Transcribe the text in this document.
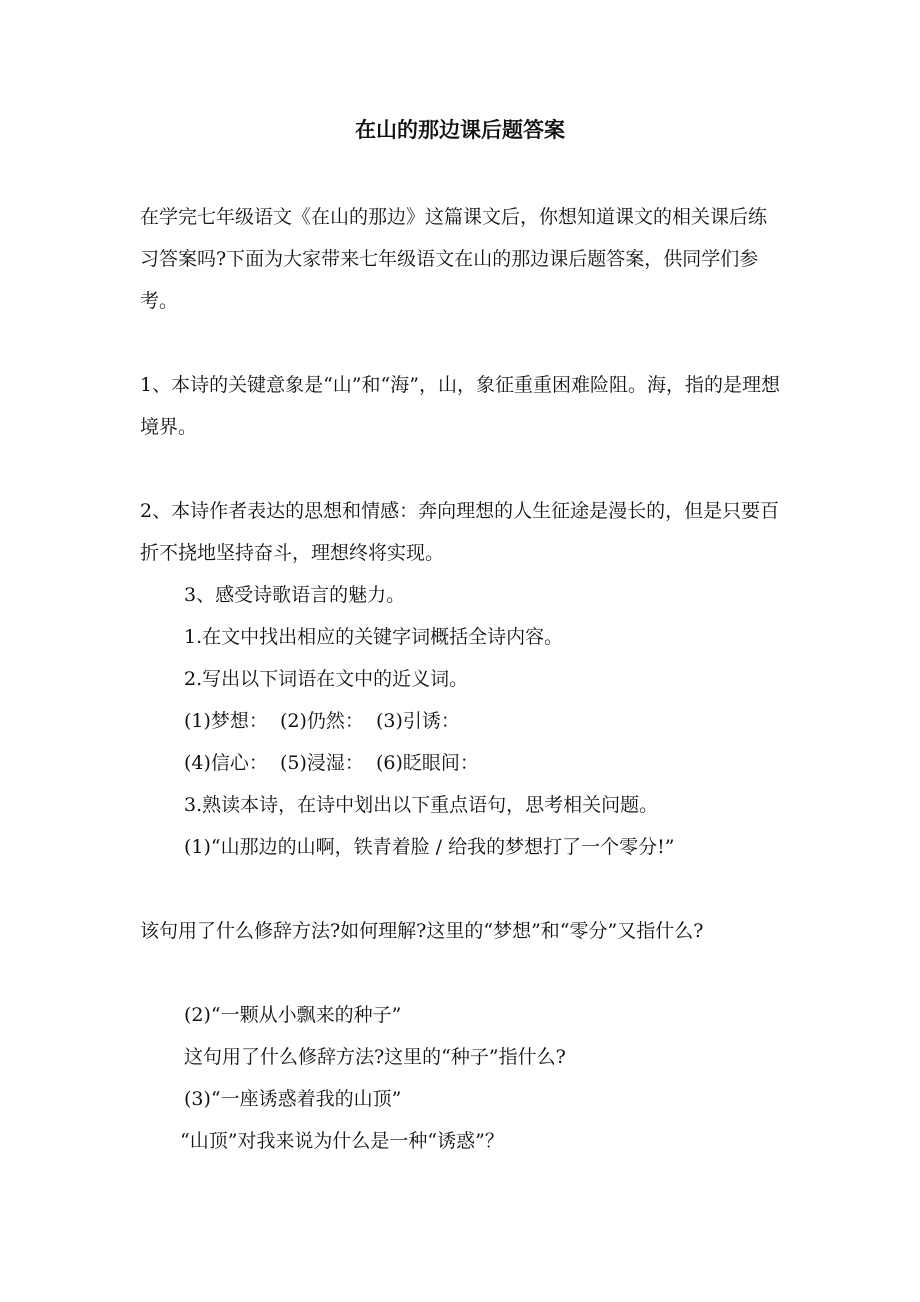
在山的那边课后题答案

在学完七年级语文《在山的那边》这篇课文后，你想知道课文的相关课后练习答案吗?下面为大家带来七年级语文在山的那边课后题答案，供同学们参考。

1、本诗的关键意象是“山”和“海”，山，象征重重困难险阻。海，指的是理想境界。

2、本诗作者表达的思想和情感：奔向理想的人生征途是漫长的，但是只要百折不挠地坚持奋斗，理想终将实现。

3、感受诗歌语言的魅力。

1.在文中找出相应的关键字词概括全诗内容。

2.写出以下词语在文中的近义词。

(1)梦想：  (2)仍然：  (3)引诱：

(4)信心：  (5)浸湿：  (6)眨眼间：

3.熟读本诗，在诗中划出以下重点语句，思考相关问题。

(1)“山那边的山啊，铁青着脸 / 给我的梦想打了一个零分!”

该句用了什么修辞方法?如何理解?这里的“梦想”和“零分”又指什么?

(2)“一颗从小飘来的种子”

这句用了什么修辞方法?这里的“种子”指什么?

(3)“一座诱惑着我的山顶”

“山顶”对我来说为什么是一种“诱惑”？
